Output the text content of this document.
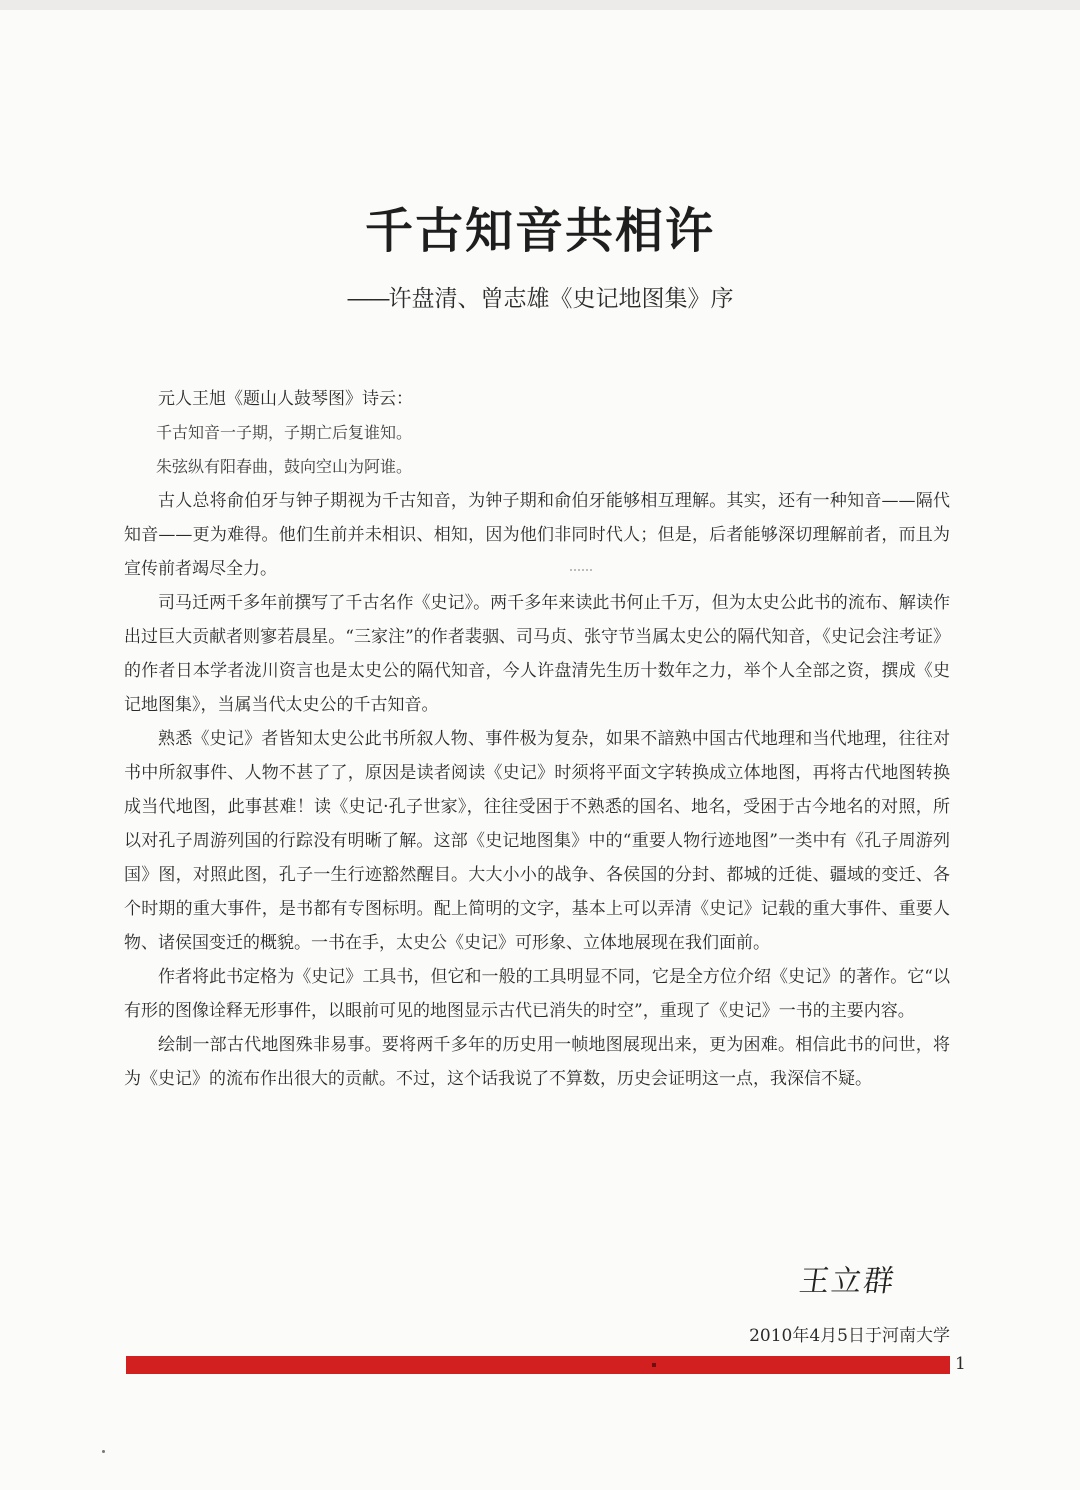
千古知音共相许
——许盘清、曾志雄《史记地图集》序

元人王旭《题山人鼓琴图》诗云：

千古知音一子期，子期亡后复谁知。

朱弦纵有阳春曲，鼓向空山为阿谁。

古人总将俞伯牙与钟子期视为千古知音，为钟子期和俞伯牙能够相互理解。其实，还有一种知音——隔代知音——更为难得。他们生前并未相识、相知，因为他们非同时代人；但是，后者能够深切理解前者，而且为宣传前者竭尽全力。

司马迁两千多年前撰写了千古名作《史记》。两千多年来读此书何止千万，但为太史公此书的流布、解读作出过巨大贡献者则寥若晨星。“三家注”的作者裴骃、司马贞、张守节当属太史公的隔代知音，《史记会注考证》的作者日本学者泷川资言也是太史公的隔代知音，今人许盘清先生历十数年之力，举个人全部之资，撰成《史记地图集》，当属当代太史公的千古知音。

熟悉《史记》者皆知太史公此书所叙人物、事件极为复杂，如果不諳熟中国古代地理和当代地理，往往对书中所叙事件、人物不甚了了，原因是读者阅读《史记》时须将平面文字转换成立体地图，再将古代地图转换成当代地图，此事甚难！读《史记·孔子世家》，往往受困于不熟悉的国名、地名，受困于古今地名的对照，所以对孔子周游列国的行踪没有明晰了解。这部《史记地图集》中的“重要人物行迹地图”一类中有《孔子周游列国》图，对照此图，孔子一生行迹豁然醒目。大大小小的战争、各侯国的分封、都城的迁徙、疆域的变迁、各个时期的重大事件，是书都有专图标明。配上简明的文字，基本上可以弄清《史记》记载的重大事件、重要人物、诸侯国变迁的概貌。一书在手，太史公《史记》可形象、立体地展现在我们面前。

作者将此书定格为《史记》工具书，但它和一般的工具明显不同，它是全方位介绍《史记》的著作。它“以有形的图像诠释无形事件，以眼前可见的地图显示古代已消失的时空”，重现了《史记》一书的主要内容。

绘制一部古代地图殊非易事。要将两千多年的历史用一帧地图展现出来，更为困难。相信此书的问世，将为《史记》的流布作出很大的贡献。不过，这个话我说了不算数，历史会证明这一点，我深信不疑。

王立群
2010年4月5日于河南大学
1
